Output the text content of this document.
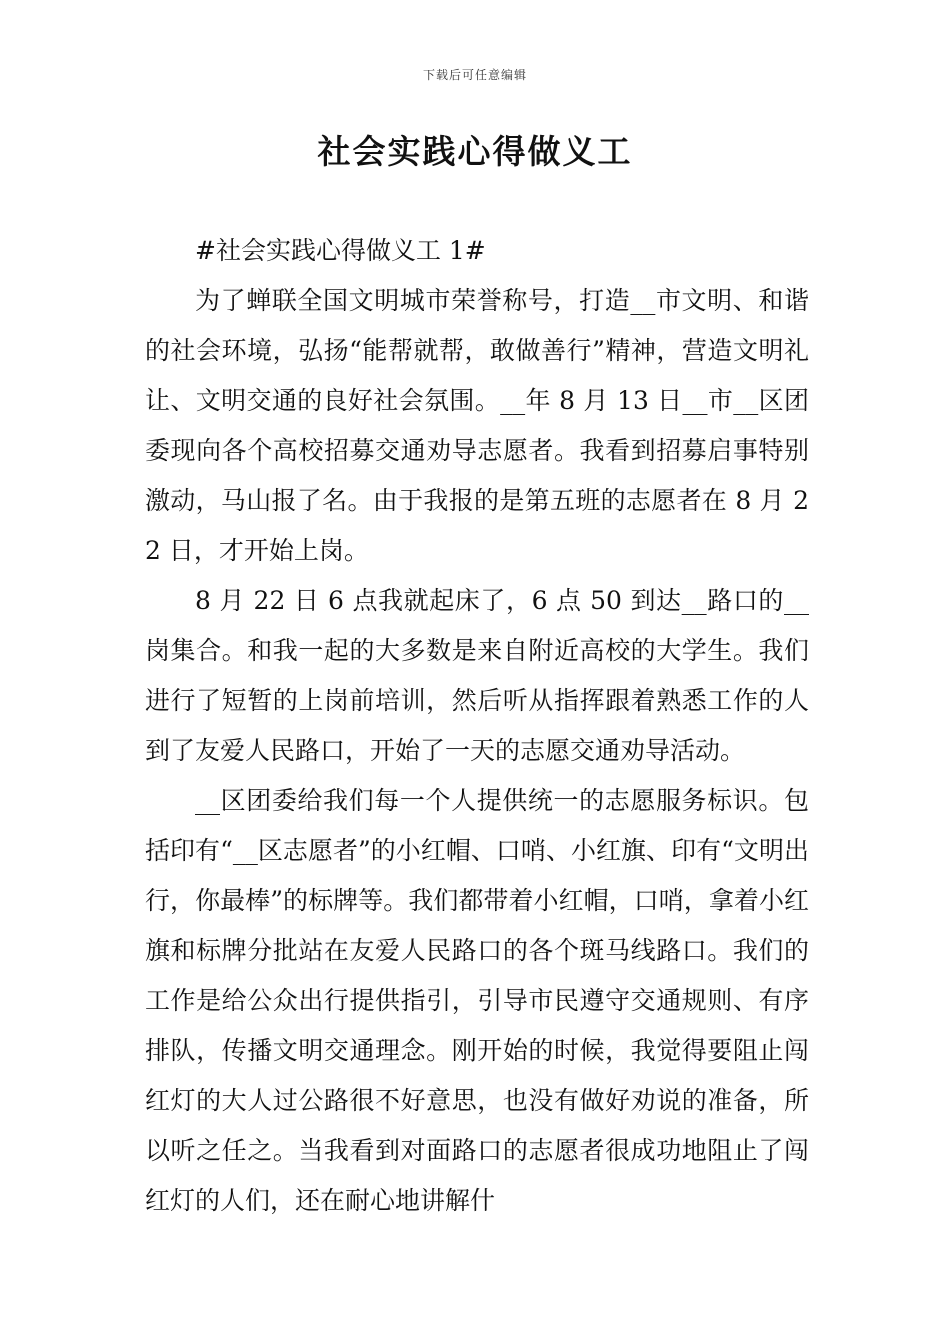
下载后可任意编辑
社会实践心得做义工

#社会实践心得做义工 1#

为了蝉联全国文明城市荣誉称号，打造__市文明、和谐的社会环境，弘扬“能帮就帮，敢做善行”精神，营造文明礼让、文明交通的良好社会氛围。__年 8 月 13 日__市__区团委现向各个高校招募交通劝导志愿者。我看到招募启事特别激动，马山报了名。由于我报的是第五班的志愿者在 8 月 22 日，才开始上岗。

8 月 22 日 6 点我就起床了，6 点 50 到达__路口的__岗集合。和我一起的大多数是来自附近高校的大学生。我们进行了短暂的上岗前培训，然后听从指挥跟着熟悉工作的人到了友爱人民路口，开始了一天的志愿交通劝导活动。

__区团委给我们每一个人提供统一的志愿服务标识。包括印有“__区志愿者”的小红帽、口哨、小红旗、印有“文明出行，你最棒”的标牌等。我们都带着小红帽，口哨，拿着小红旗和标牌分批站在友爱人民路口的各个斑马线路口。我们的工作是给公众出行提供指引，引导市民遵守交通规则、有序排队，传播文明交通理念。刚开始的时候，我觉得要阻止闯红灯的大人过公路很不好意思，也没有做好劝说的准备，所以听之任之。当我看到对面路口的志愿者很成功地阻止了闯红灯的人们，还在耐心地讲解什
